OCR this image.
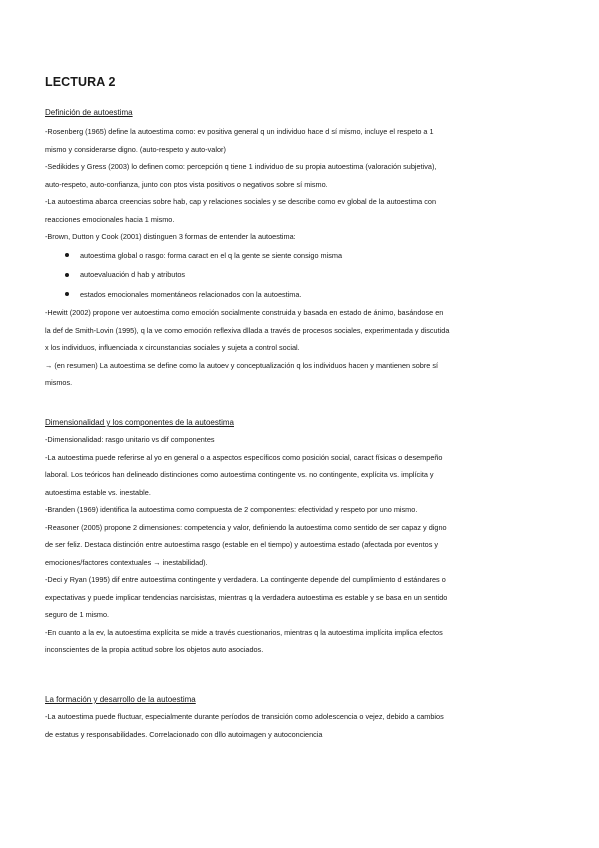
LECTURA 2
Definición de autoestima

-Rosenberg (1965) define la autoestima como: ev positiva general q un individuo hace d sí mismo, incluye el respeto a 1

mismo y considerarse digno. (auto-respeto y auto-valor)

-Sedikides y Gress (2003) lo definen como: percepción q tiene 1 individuo de su propia autoestima (valoración subjetiva),

auto-respeto, auto-confianza, junto con ptos vista positivos o negativos sobre sí mismo.

-La autoestima abarca creencias sobre hab, cap y relaciones sociales y se describe como ev global de la autoestima con

reacciones emocionales hacia 1 mismo.

-Brown, Dutton y Cook (2001) distinguen 3 formas de entender la autoestima:

autoestima global o rasgo: forma caract en el q la gente se siente consigo misma
autoevaluación d hab y atributos
estados emocionales momentáneos relacionados con la autoestima.

-Hewitt (2002) propone ver autoestima como emoción socialmente construida y basada en estado de ánimo, basándose en

la def de Smith-Lovin (1995), q la ve como emoción reflexiva dllada a través de procesos sociales, experimentada y discutida

x los individuos, influenciada x circunstancias sociales y sujeta a control social.

→ (en resumen) La autoestima se define como la autoev y conceptualización q los individuos hacen y mantienen sobre sí

mismos.

Dimensionalidad y los componentes de la autoestima

-Dimensionalidad: rasgo unitario vs dif componentes

-La autoestima puede referirse al yo en general o a aspectos específicos como posición social, caract físicas o desempeño

laboral. Los teóricos han delineado distinciones como autoestima contingente vs. no contingente, explícita vs. implícita y

autoestima estable vs. inestable.

-Branden (1969) identifica la autoestima como compuesta de 2 componentes: efectividad y respeto por uno mismo.

-Reasoner (2005) propone 2 dimensiones: competencia y valor, definiendo la autoestima como sentido de ser capaz y digno

de ser feliz. Destaca distinción entre autoestima rasgo (estable en el tiempo) y autoestima estado (afectada por eventos y

emociones/factores contextuales → inestabilidad).

-Deci y Ryan (1995) dif entre autoestima contingente y verdadera. La contingente depende del cumplimiento d estándares o

expectativas y puede implicar tendencias narcisistas, mientras q la verdadera autoestima es estable y se basa en un sentido

seguro de 1 mismo.

-En cuanto a la ev, la autoestima explícita se mide a través cuestionarios, mientras q la autoestima implícita implica efectos

inconscientes de la propia actitud sobre los objetos auto asociados.

La formación y desarrollo de la autoestima

-La autoestima puede fluctuar, especialmente durante períodos de transición como adolescencia o vejez, debido a cambios

de estatus y responsabilidades. Correlacionado con dllo autoimagen y autoconciencia
